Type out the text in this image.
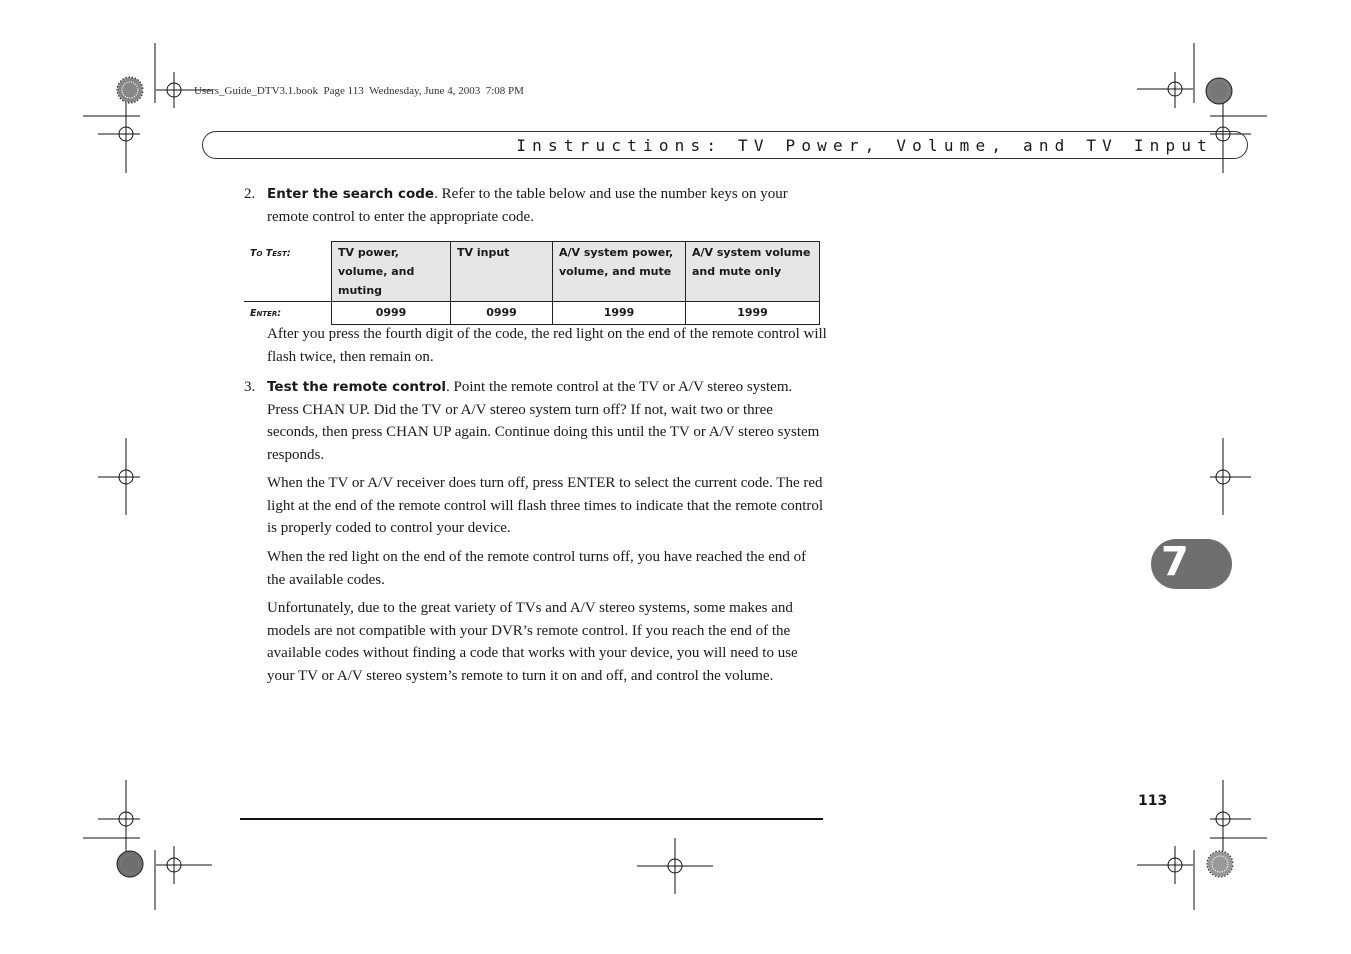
Users_Guide_DTV3.1.book  Page 113  Wednesday, June 4, 2003  7:08 PM
Instructions: TV Power, Volume, and TV Input
2. Enter the search code. Refer to the table below and use the number keys on your remote control to enter the appropriate code.
To Test:	TV power, volume, and muting	TV input	A/V system power, volume, and mute	A/V system volume and mute only
Enter:	0999	0999	1999	1999
After you press the fourth digit of the code, the red light on the end of the remote control will flash twice, then remain on.
3. Test the remote control. Point the remote control at the TV or A/V stereo system. Press CHAN UP. Did the TV or A/V stereo system turn off? If not, wait two or three seconds, then press CHAN UP again. Continue doing this until the TV or A/V stereo system responds.
When the TV or A/V receiver does turn off, press ENTER to select the current code. The red light at the end of the remote control will flash three times to indicate that the remote control is properly coded to control your device.
When the red light on the end of the remote control turns off, you have reached the end of the available codes.
Unfortunately, due to the great variety of TVs and A/V stereo systems, some makes and models are not compatible with your DVR’s remote control. If you reach the end of the available codes without finding a code that works with your device, you will need to use your TV or A/V stereo system’s remote to turn it on and off, and control the volume.
7
113
